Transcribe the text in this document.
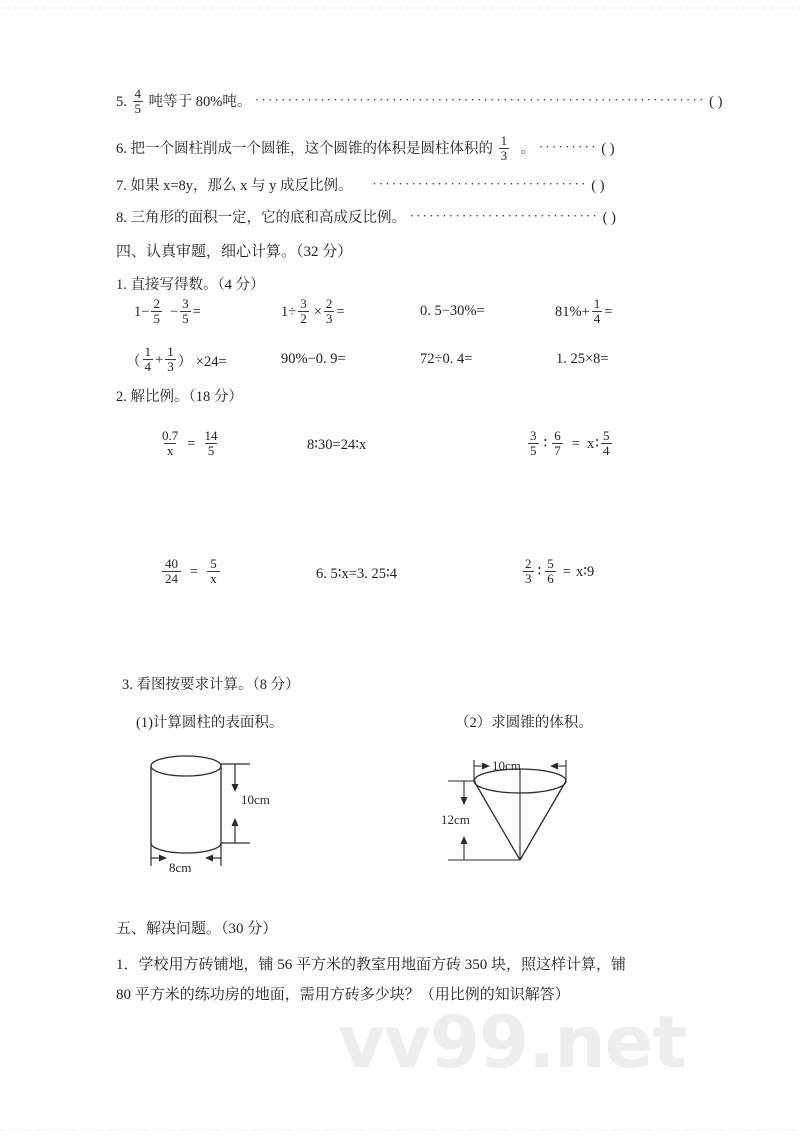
5. $\frac{4}{5}$ 吨等于 80%吨。 ····································································· ( )
6. 把一个圆柱削成一个圆锥，这个圆锥的体积是圆柱体积的 $\frac{1}{3}$ 。 ········· ( )
7. 如果 x=8y，那么 x 与 y 成反比例。 ································· ( )
8. 三角形的面积一定，它的底和高成反比例。 ····························· ( )
四、认真审题，细心计算。（32 分）
1. 直接写得数。（4 分）
$1 - \frac{2}{5} - \frac{3}{5}$ =	$1 \div \frac{3}{2} \times \frac{2}{3}$ =	0. 5−30%=	$81\% + \frac{1}{4}$ =
（ $\frac{1}{4} + \frac{1}{3}$ ） ×24=	90%−0. 9=	72÷0. 4=	1. 25×8=
2. 解比例。（18 分）
$\frac{0.7}{x} = \frac{14}{5}$	8∶30=24∶x	$\frac{3}{5}$ ∶ $\frac{6}{7} = x$ ∶ $\frac{5}{4}$
$\frac{40}{24} = \frac{5}{x}$	6. 5∶x=3. 25∶4	$\frac{2}{3}$ ∶ $\frac{5}{6}$ = x∶9
3. 看图按要求计算。（8 分）
(1)计算圆柱的表面积。	（2）求圆锥的体积。
10cm
8cm
10cm
12cm
五、解决问题。（30 分）
1．学校用方砖铺地，铺 56 平方米的教室用地面方砖 350 块，照这样计算，铺
80 平方米的练功房的地面，需用方砖多少块？（用比例的知识解答）
vv99.net
